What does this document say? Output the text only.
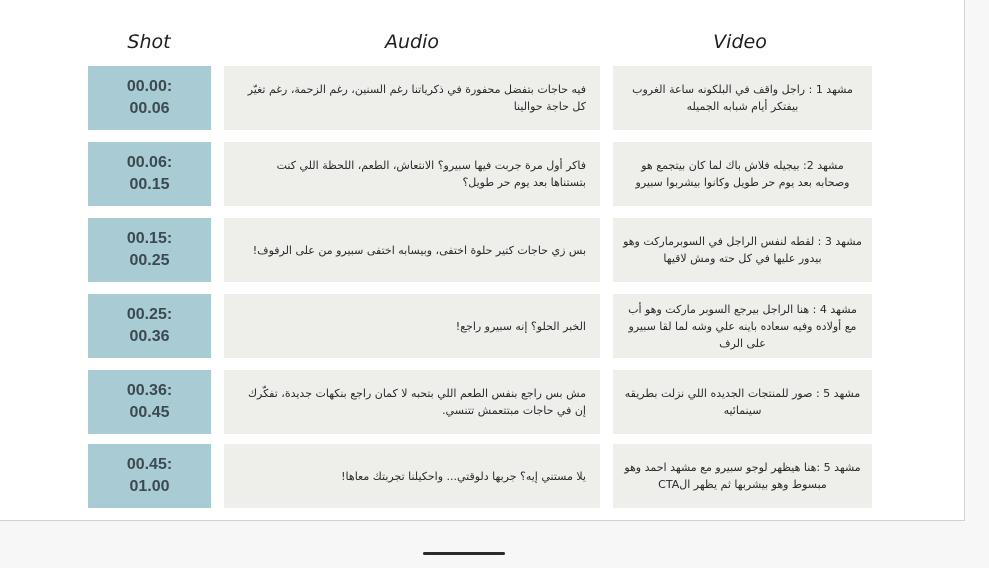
Shot	Audio	Video
00.00:
00.06
فيه حاجات بتفضل محفورة في ذكرياتنا رغم السنين، رغم الزحمة، رغم تغيّر كل حاجة حوالينا
مشهد 1 : راجل واقف في البلكونه ساعة الغروب بيفتكر أيام شبابه الجميله
00.06:
00.15
فاكر أول مرة جربت فيها سبيرو؟ الانتعاش، الطعم، اللحظة اللي كنت بتستناها بعد يوم حر طويل؟
مشهد 2: بيجيله فلاش باك لما كان بيتجمع هو وصحابه بعد يوم حر طويل وكانوا بيشربوا سبيرو
00.15:
00.25
بس زي حاجات كتير حلوة اختفى، وبيسابه اختفى سبيرو من على الرفوف!
مشهد 3 : لقطه لنفس الراجل في السوبرماركت وهو بيدور عليها في كل حته ومش لاقيها
00.25:
00.36
الخبر الحلو؟ إنه سبيرو راجع!
مشهد 4 : هنا الراجل بيرجع السوبر ماركت وهو أب مع أولاده وفيه سعاده باينه علي وشه لما لقا سبيرو على الرف
00.36:
00.45
مش بس راجع بنفس الطعم اللي بتحبه لا كمان راجع بنكهات جديدة، تفكّرك إن في حاجات مبتتعمش تتنسي.
مشهد 5 : صور للمنتجات الجديده اللي نزلت بطريقه سينمائيه
00.45:
01.00
يلا مستني إيه؟ جربها دلوقتي... واحكيلنا تجربتك معاها!
مشهد 5 :هنا هيظهر لوجو سبيرو مع مشهد احمد وهو مبسوط وهو بيشربها ثم يظهر الCTA
